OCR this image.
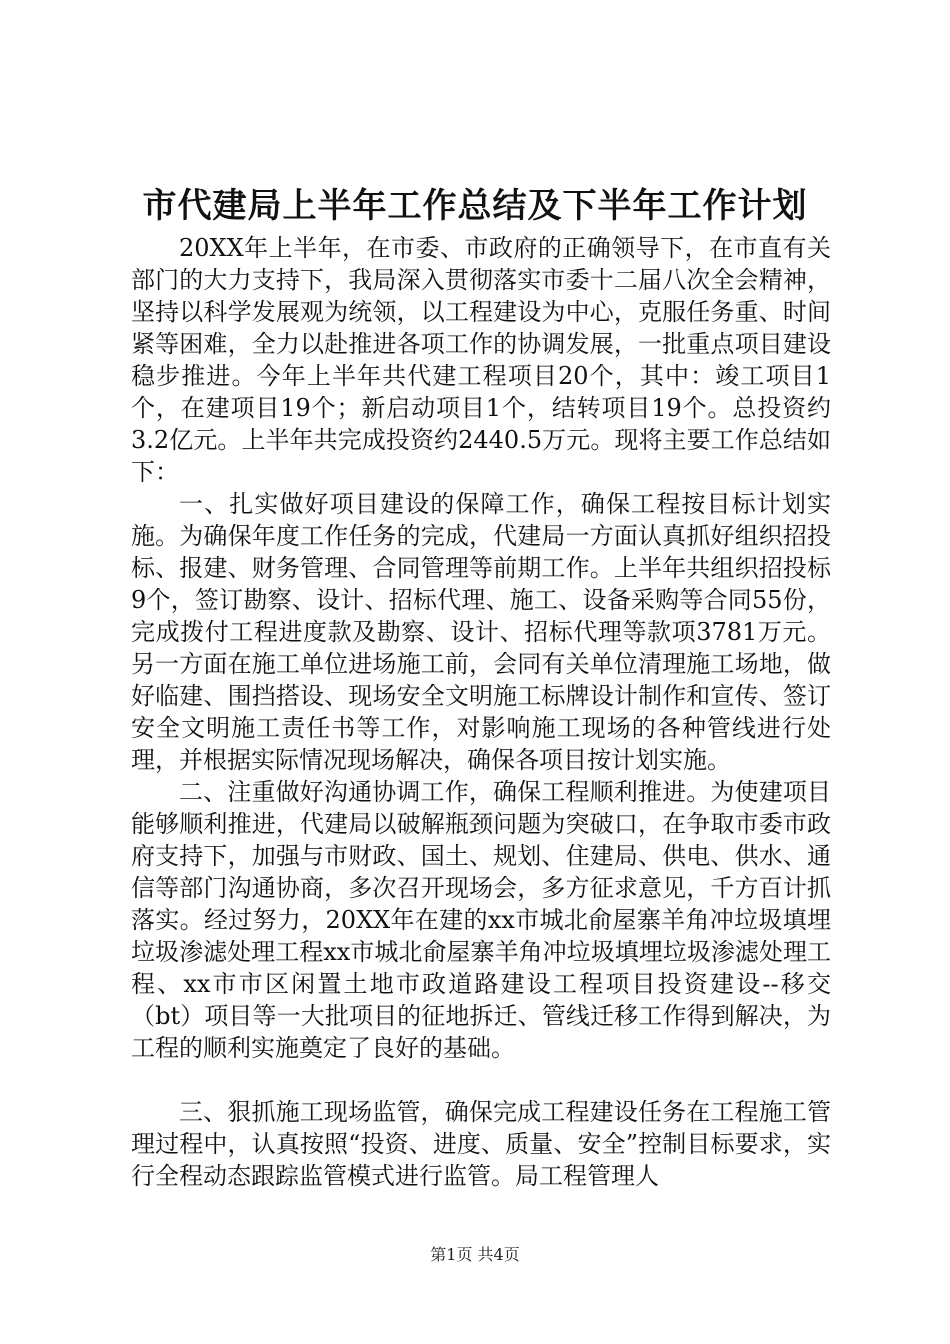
市代建局上半年工作总结及下半年工作计划

20XX年上半年，在市委、市政府的正确领导下，在市直有关部门的大力支持下，我局深入贯彻落实市委十二届八次全会精神，坚持以科学发展观为统领，以工程建设为中心，克服任务重、时间紧等困难，全力以赴推进各项工作的协调发展，一批重点项目建设稳步推进。今年上半年共代建工程项目20个，其中：竣工项目1个，在建项目19个；新启动项目1个，结转项目19个。总投资约3.2亿元。上半年共完成投资约2440.5万元。现将主要工作总结如下：

一、扎实做好项目建设的保障工作，确保工程按目标计划实施。为确保年度工作任务的完成，代建局一方面认真抓好组织招投标、报建、财务管理、合同管理等前期工作。上半年共组织招投标9个，签订勘察、设计、招标代理、施工、设备采购等合同55份，完成拨付工程进度款及勘察、设计、招标代理等款项3781万元。另一方面在施工单位进场施工前，会同有关单位清理施工场地，做好临建、围挡搭设、现场安全文明施工标牌设计制作和宣传、签订安全文明施工责任书等工作，对影响施工现场的各种管线进行处理，并根据实际情况现场解决，确保各项目按计划实施。

二、注重做好沟通协调工作，确保工程顺利推进。为使建项目能够顺利推进，代建局以破解瓶颈问题为突破口，在争取市委市政府支持下，加强与市财政、国土、规划、住建局、供电、供水、通信等部门沟通协商，多次召开现场会，多方征求意见，千方百计抓落实。经过努力，20XX年在建的xx市城北俞屋寨羊角冲垃圾填埋垃圾渗滤处理工程xx市城北俞屋寨羊角冲垃圾填埋垃圾渗滤处理工程、xx市市区闲置土地市政道路建设工程项目投资建设--移交（bt）项目等一大批项目的征地拆迁、管线迁移工作得到解决，为工程的顺利实施奠定了良好的基础。

三、狠抓施工现场监管，确保完成工程建设任务在工程施工管理过程中，认真按照“投资、进度、质量、安全”控制目标要求，实行全程动态跟踪监管模式进行监管。局工程管理人

第1页 共4页
